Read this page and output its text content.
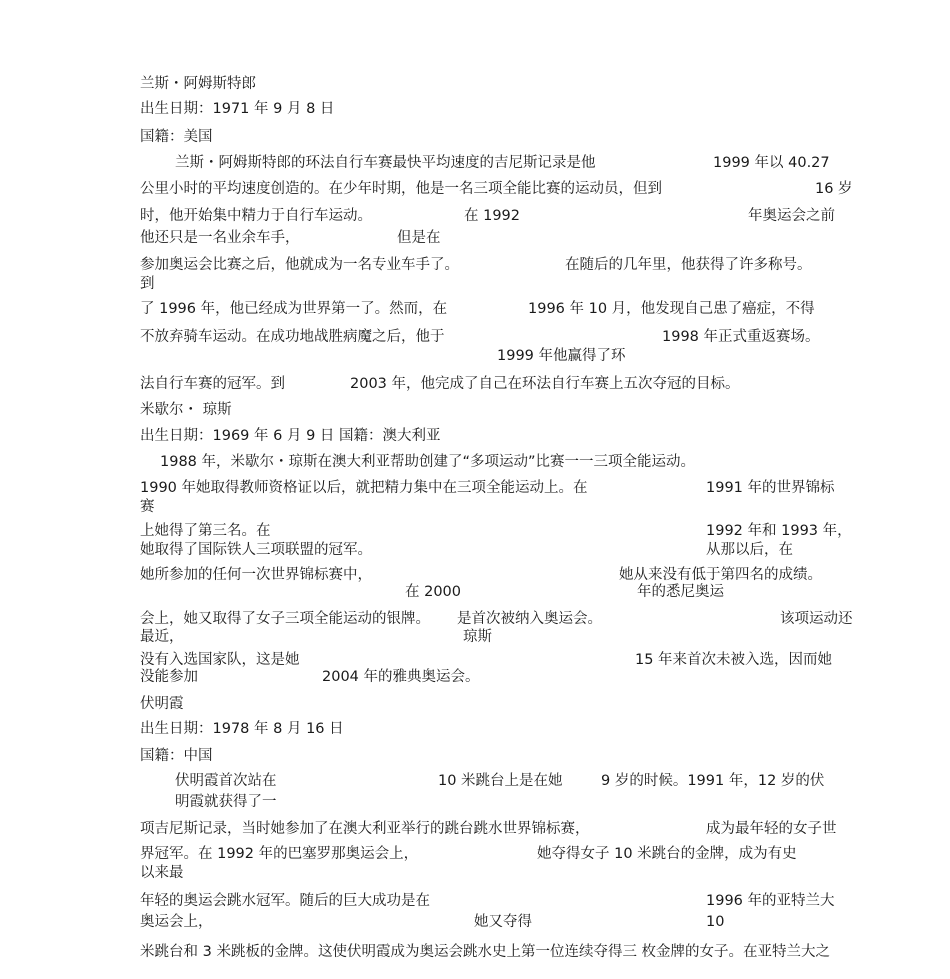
兰斯・阿姆斯特郎
出生日期：1971 年 9 月 8 日
国籍：美国
兰斯・阿姆斯特郎的环法自行车赛最快平均速度的吉尼斯记录是他	1999 年以 40.27
公里小时的平均速度创造的。在少年时期，他是一名三项全能比赛的运动员，但到	16 岁
时，他开始集中精力于自行车运动。	在 1992	年奥运会之前
他还只是一名业余车手，	但是在
参加奥运会比赛之后，他就成为一名专业车手了。	在随后的几年里，他获得了许多称号。
到
了 1996 年，他已经成为世界第一了。然而，在	1996 年 10 月，他发现自己患了癌症，不得
不放弃骑车运动。在成功地战胜病魔之后，他于	1998 年正式重返赛场。
1999 年他赢得了环
法自行车赛的冠军。到	2003 年，他完成了自己在环法自行车赛上五次夺冠的目标。
米歇尔・ 琼斯
出生日期：1969 年 6 月 9 日 国籍：澳大利亚
1988 年，米歇尔・琼斯在澳大利亚帮助创建了“多项运动”比赛一一三项全能运动。
1990 年她取得教师资格证以后，就把精力集中在三项全能运动上。在	1991 年的世界锦标
赛
上她得了第三名。在	1992 年和 1993 年，
她取得了国际铁人三项联盟的冠军。	从那以后，在
她所参加的任何一次世界锦标赛中，	她从来没有低于第四名的成绩。
在 2000	年的悉尼奥运
会上，她又取得了女子三项全能运动的银牌。 是首次被纳入奥运会。	该项运动还
最近，	琼斯
没有入选国家队，这是她	15 年来首次未被入选，因而她
没能参加	2004 年的雅典奥运会。
伏明霞
出生日期：1978 年 8 月 16 日
国籍：中国
伏明霞首次站在	10 米跳台上是在她	9 岁的时候。1991 年，12 岁的伏
明霞就获得了一
项吉尼斯记录，当时她参加了在澳大利亚举行的跳台跳水世界锦标赛，	成为最年轻的女子世
界冠军。在 1992 年的巴塞罗那奥运会上，	她夺得女子 10 米跳台的金牌，成为有史
以来最
年轻的奥运会跳水冠军。随后的巨大成功是在	1996 年的亚特兰大
奥运会上，	她又夺得	10
米跳台和 3 米跳板的金牌。这使伏明霞成为奥运会跳水史上第一位连续夺得三 枚金牌的女子。在亚特兰大之
